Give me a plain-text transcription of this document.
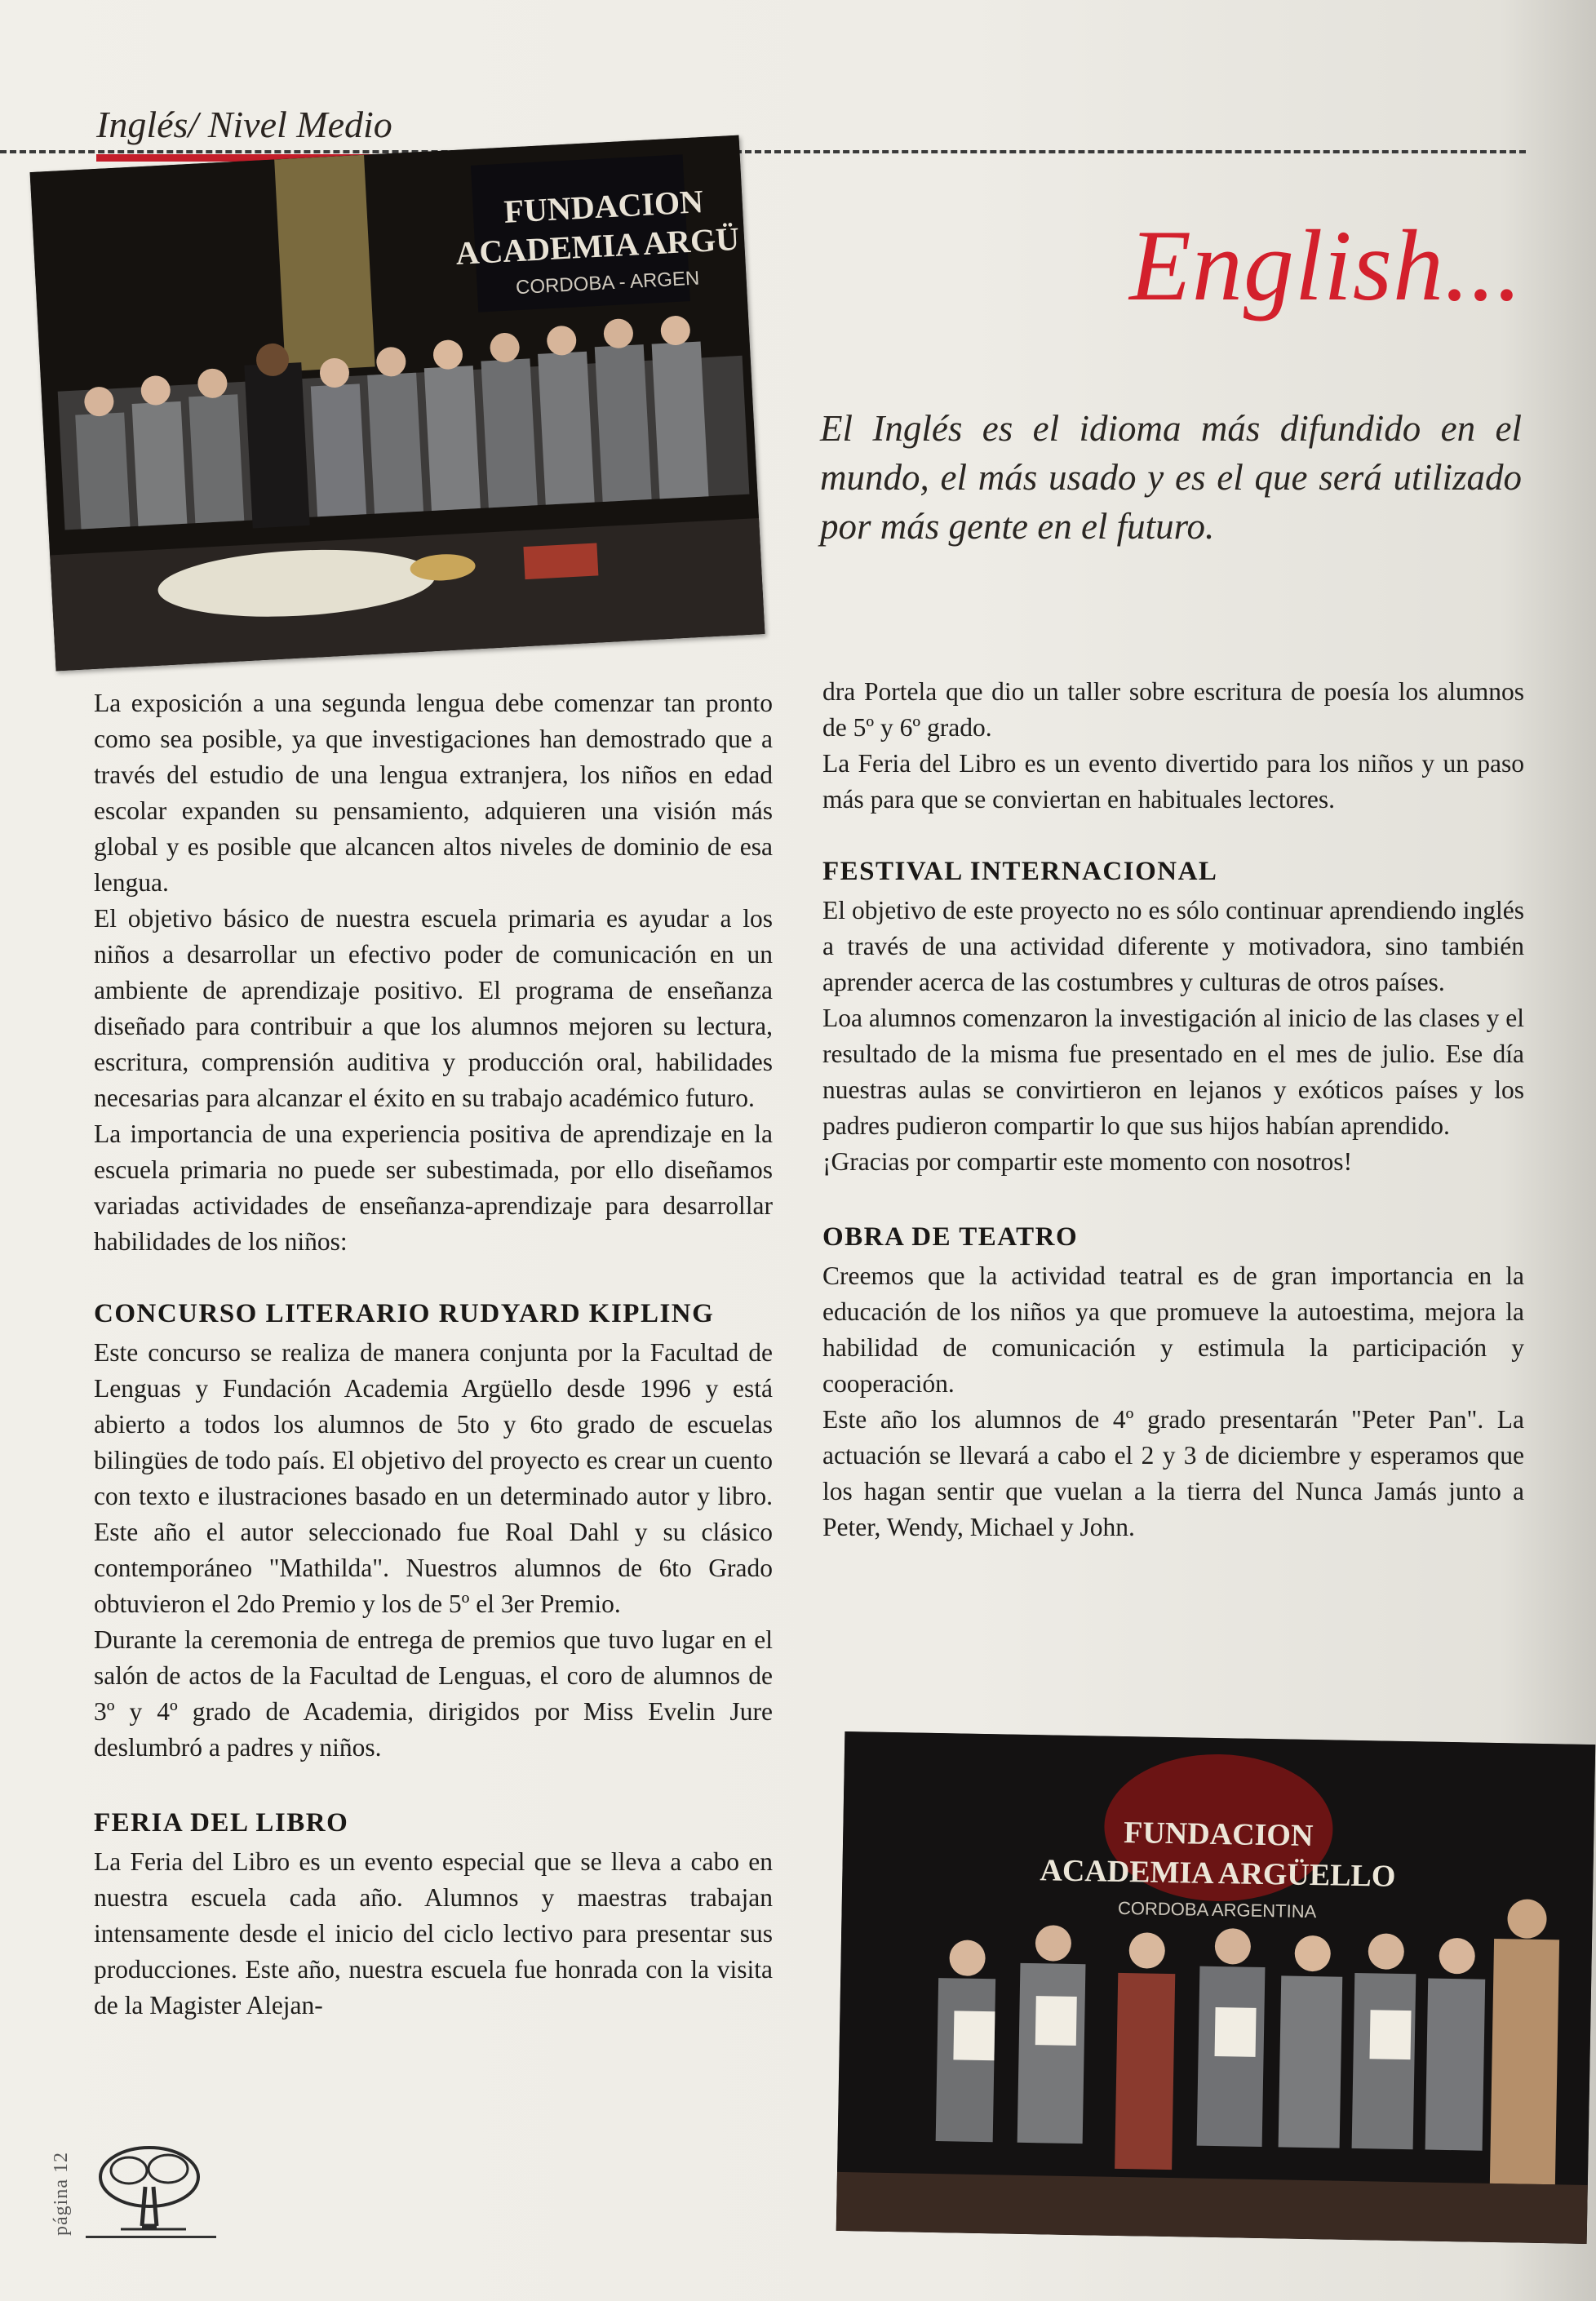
Inglés/ Nivel Medio
FUNDACION
ACADEMIA ARGÜ
CORDOBA - ARGEN	English...
El Inglés es el idioma más difundido en el mundo, el más usado y es el que será utilizado por más gente en el futuro.

La exposición a una segunda lengua debe comenzar tan pronto como sea posible, ya que investigaciones han demostrado que a través del estudio de una lengua extranjera, los niños en edad escolar expanden su pensamiento, adquieren una visión más global y es posible que alcancen altos niveles de dominio de esa lengua.

El objetivo básico de nuestra escuela primaria es ayudar a los niños a desarrollar un efectivo poder de comunicación en un ambiente de aprendizaje positivo. El programa de enseñanza diseñado para contribuir a que los alumnos mejoren su lectura, escritura, comprensión auditiva y producción oral, habilidades necesarias para alcanzar el éxito en su trabajo académico futuro.

La importancia de una experiencia positiva de aprendizaje en la escuela primaria no puede ser subestimada, por ello diseñamos variadas actividades de enseñanza-aprendizaje para desarrollar habilidades de los niños:

CONCURSO LITERARIO RUDYARD KIPLING

Este concurso se realiza de manera conjunta por la Facultad de Lenguas y Fundación Academia Argüello desde 1996 y está abierto a todos los alumnos de 5to y 6to grado de escuelas bilingües de todo país. El objetivo del proyecto es crear un cuento con texto e ilustraciones basado en un determinado autor y libro. Este año el autor seleccionado fue Roal Dahl y su clásico contemporáneo "Mathilda". Nuestros alumnos de 6to Grado obtuvieron el 2do Premio y los de 5º el 3er Premio.

Durante la ceremonia de entrega de premios que tuvo lugar en el salón de actos de la Facultad de Lenguas, el coro de alumnos de 3º y 4º grado de Academia, dirigidos por Miss Evelin Jure deslumbró a padres y niños.

FERIA DEL LIBRO

La Feria del Libro es un evento especial que se lleva a cabo en nuestra escuela cada año. Alumnos y maestras trabajan intensamente desde el inicio del ciclo lectivo para presentar sus producciones. Este año, nuestra escuela fue honrada con la visita de la Magister Alejan-

dra Portela que dio un taller sobre escritura de poesía los alumnos de 5º y 6º grado.

La Feria del Libro es un evento divertido para los niños y un paso más para que se conviertan en habituales lectores.

FESTIVAL INTERNACIONAL

El objetivo de este proyecto no es sólo continuar aprendiendo inglés a través de una actividad diferente y motivadora, sino también aprender acerca de las costumbres y culturas de otros países.

Loa alumnos comenzaron la investigación al inicio de las clases y el resultado de la misma fue presentado en el mes de julio. Ese día nuestras aulas se convirtieron en lejanos y exóticos países y los padres pudieron compartir lo que sus hijos habían aprendido.

¡Gracias por compartir este momento con nosotros!

OBRA DE TEATRO

Creemos que la actividad teatral es de gran importancia en la educación de los niños ya que promueve la autoestima, mejora la habilidad de comunicación y estimula la participación y cooperación.

Este año los alumnos de 4º grado presentarán "Peter Pan". La actuación se llevará a cabo el 2 y 3 de diciembre y esperamos que los hagan sentir que vuelan a la tierra del Nunca Jamás junto a Peter, Wendy, Michael y John.

FUNDACION
ACADEMIA ARGÜELLO
CORDOBA ARGENTINA
página 12
